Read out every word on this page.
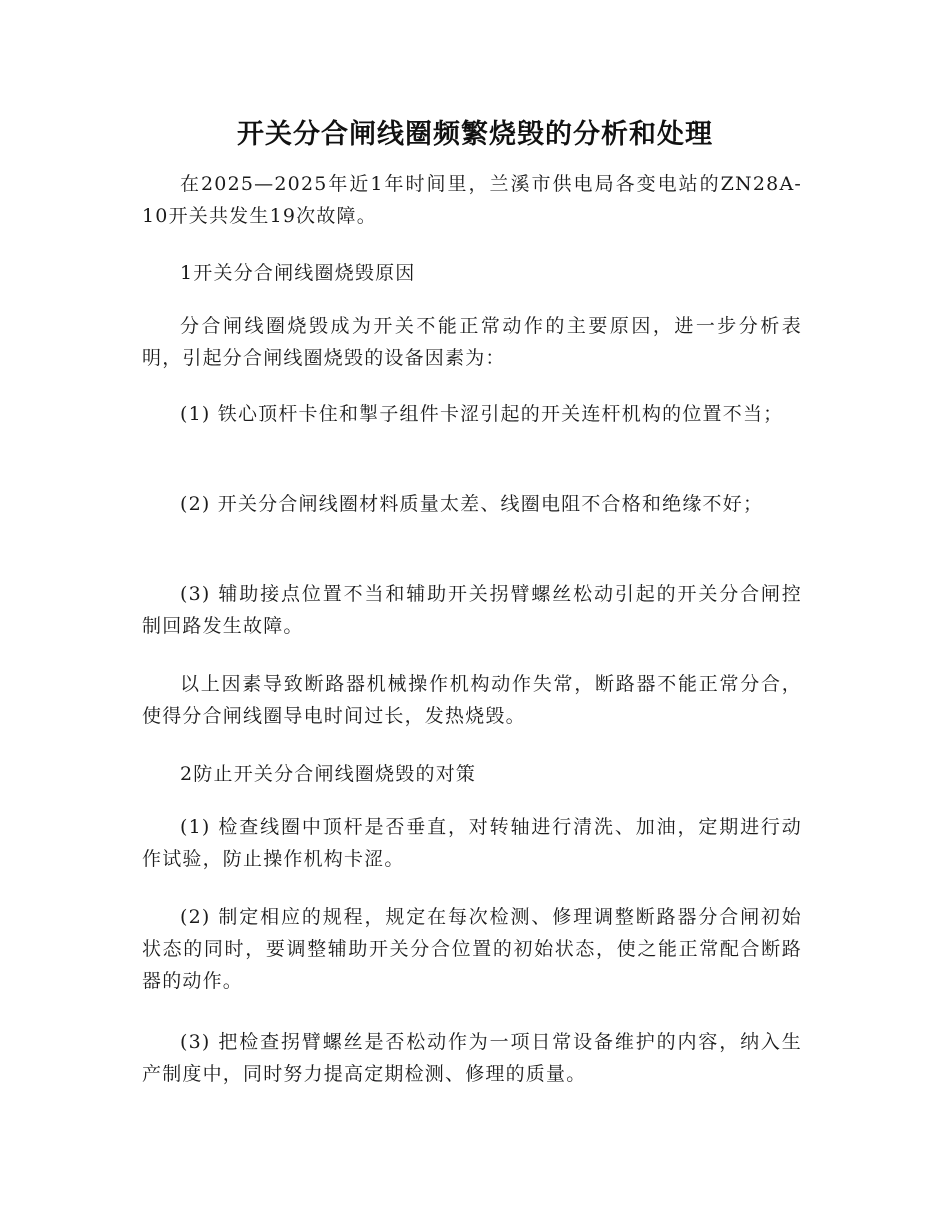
开关分合闸线圈频繁烧毁的分析和处理

在2025—2025年近1年时间里，兰溪市供电局各变电站的ZN28A-10开关共发生19次故障。

1开关分合闸线圈烧毁原因

分合闸线圈烧毁成为开关不能正常动作的主要原因，进一步分析表明，引起分合闸线圈烧毁的设备因素为：

(1) 铁心顶杆卡住和掣子组件卡涩引起的开关连杆机构的位置不当；

(2) 开关分合闸线圈材料质量太差、线圈电阻不合格和绝缘不好；

(3) 辅助接点位置不当和辅助开关拐臂螺丝松动引起的开关分合闸控制回路发生故障。

以上因素导致断路器机械操作机构动作失常，断路器不能正常分合，使得分合闸线圈导电时间过长，发热烧毁。

2防止开关分合闸线圈烧毁的对策

(1) 检查线圈中顶杆是否垂直，对转轴进行清洗、加油，定期进行动作试验，防止操作机构卡涩。

(2) 制定相应的规程，规定在每次检测、修理调整断路器分合闸初始状态的同时，要调整辅助开关分合位置的初始状态，使之能正常配合断路器的动作。

(3) 把检查拐臂螺丝是否松动作为一项日常设备维护的内容，纳入生产制度中，同时努力提高定期检测、修理的质量。
